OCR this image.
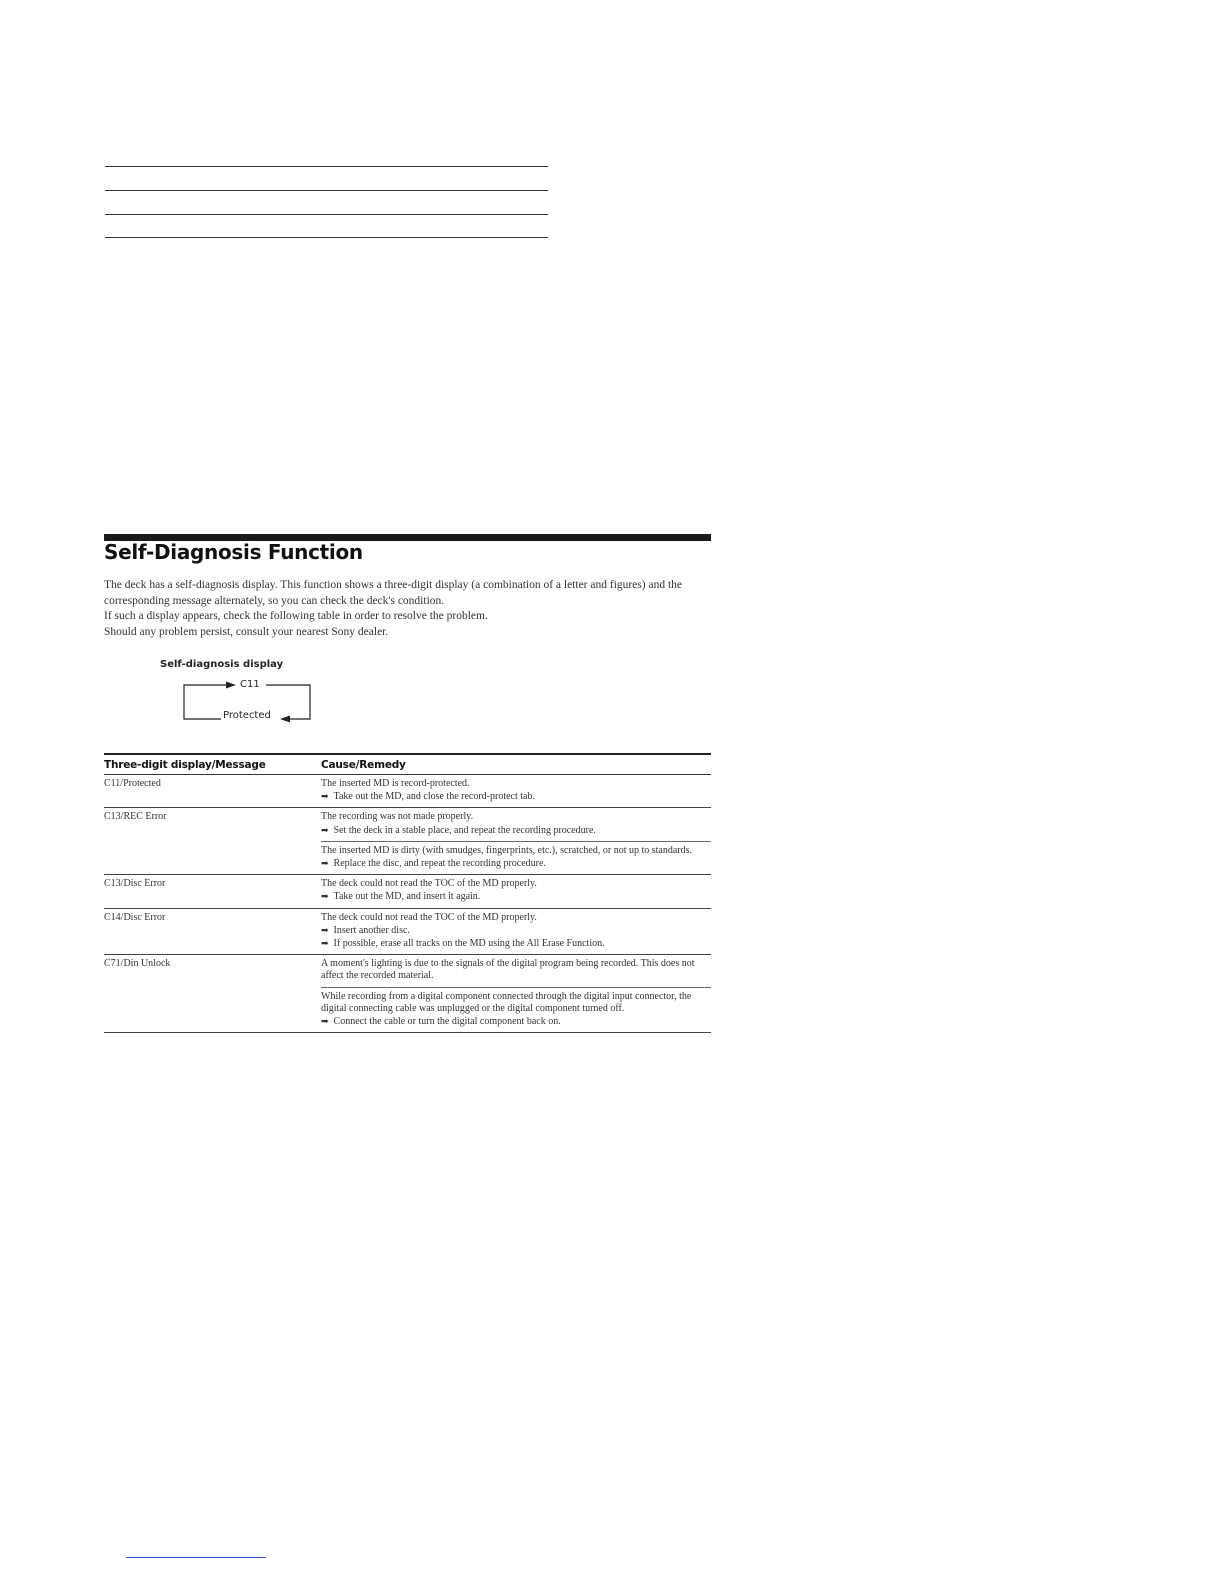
Self-Diagnosis Function

The deck has a self-diagnosis display. This function shows a three-digit display (a combination of a letter and figures) and the corresponding message alternately, so you can check the deck's condition.

If such a display appears, check the following table in order to resolve the problem.

Should any problem persist, consult your nearest Sony dealer.

Self-diagnosis display
C11
Protected
Three-digit display/Message	Cause/Remedy
C11/Protected	The inserted MD is record-protected.

➡ Take out the MD, and close the record-protect tab.

C13/REC Error	The recording was not made properly.

➡ Set the deck in a stable place, and repeat the recording procedure.

	The inserted MD is dirty (with smudges, fingerprints, etc.), scratched, or not up to standards.

➡ Replace the disc, and repeat the recording procedure.

C13/Disc Error	The deck could not read the TOC of the MD properly.

➡ Take out the MD, and insert it again.

C14/Disc Error	The deck could not read the TOC of the MD properly.

➡ Insert another disc.

➡ If possible, erase all tracks on the MD using the All Erase Function.

C71/Din Unlock	A moment's lighting is due to the signals of the digital program being recorded. This does not affect the recorded material.

	While recording from a digital component connected through the digital input connector, the digital connecting cable was unplugged or the digital component turned off.

➡ Connect the cable or turn the digital component back on.
